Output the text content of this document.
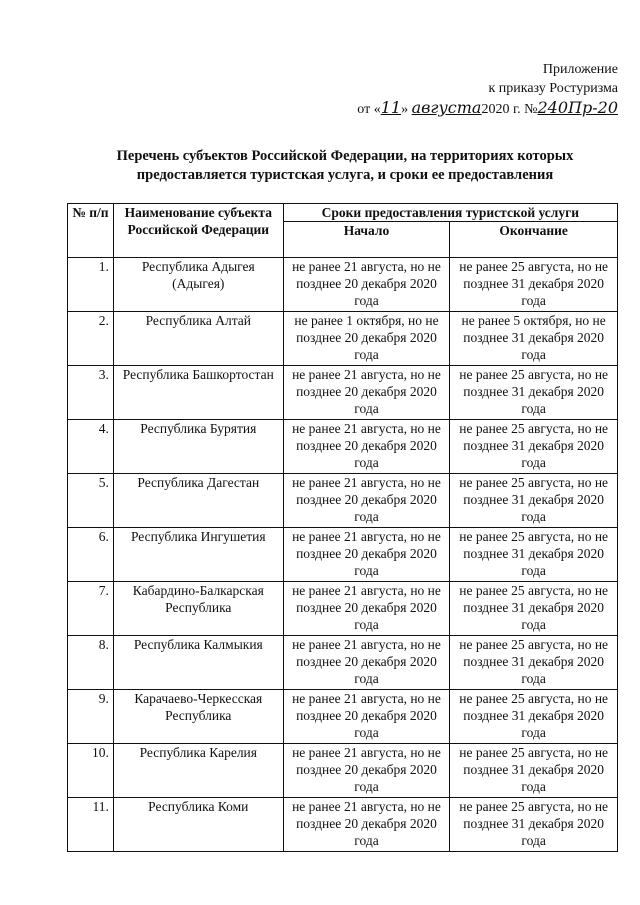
Приложение
к приказу Ростуризма
от «11» августа2020 г. №240Пр-20
Перечень субъектов Российской Федерации, на территориях которых
предоставляется туристская услуга, и сроки ее предоставления
№ п/п	Наименование субъекта Российской Федерации	Сроки предоставления туристской услуги	
		Начало	Окончание
1.	Республика Адыгея (Адыгея)	не ранее 21 августа, но не позднее 20 декабря 2020 года	не ранее 25 августа, но не позднее 31 декабря 2020 года
2.	Республика Алтай	не ранее 1 октября, но не позднее 20 декабря 2020 года	не ранее 5 октября, но не позднее 31 декабря 2020 года
3.	Республика Башкортостан	не ранее 21 августа, но не позднее 20 декабря 2020 года	не ранее 25 августа, но не позднее 31 декабря 2020 года
4.	Республика Бурятия	не ранее 21 августа, но не позднее 20 декабря 2020 года	не ранее 25 августа, но не позднее 31 декабря 2020 года
5.	Республика Дагестан	не ранее 21 августа, но не позднее 20 декабря 2020 года	не ранее 25 августа, но не позднее 31 декабря 2020 года
6.	Республика Ингушетия	не ранее 21 августа, но не позднее 20 декабря 2020 года	не ранее 25 августа, но не позднее 31 декабря 2020 года
7.	Кабардино-Балкарская Республика	не ранее 21 августа, но не позднее 20 декабря 2020 года	не ранее 25 августа, но не позднее 31 декабря 2020 года
8.	Республика Калмыкия	не ранее 21 августа, но не позднее 20 декабря 2020 года	не ранее 25 августа, но не позднее 31 декабря 2020 года
9.	Карачаево-Черкесская Республика	не ранее 21 августа, но не позднее 20 декабря 2020 года	не ранее 25 августа, но не позднее 31 декабря 2020 года
10.	Республика Карелия	не ранее 21 августа, но не позднее 20 декабря 2020 года	не ранее 25 августа, но не позднее 31 декабря 2020 года
11.	Республика Коми	не ранее 21 августа, но не позднее 20 декабря 2020 года	не ранее 25 августа, но не позднее 31 декабря 2020 года
